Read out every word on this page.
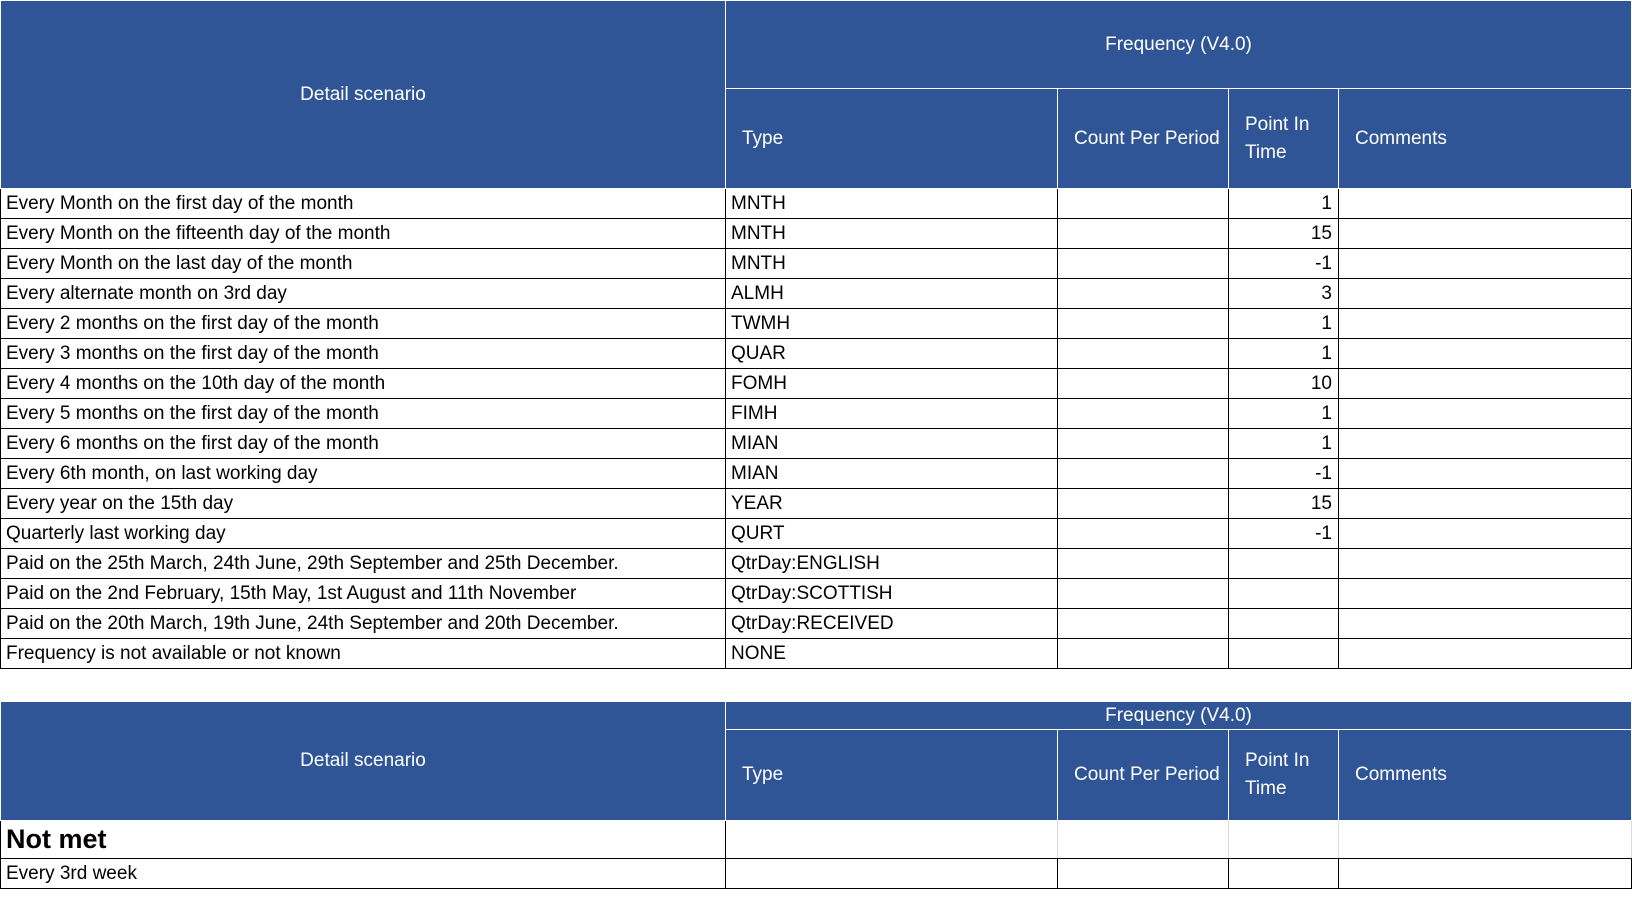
Detail scenario	Frequency (V4.0)			
	Type	Count Per Period	Point In Time	Comments
Every Month on the first day of the month	MNTH		1	
Every Month on the fifteenth day of the month	MNTH		15	
Every Month on the last day of the month	MNTH		-1	
Every alternate month on 3rd day	ALMH		3	
Every 2 months on the first day of the month	TWMH		1	
Every 3 months on the first day of the month	QUAR		1	
Every 4 months on the 10th day of the month	FOMH		10	
Every 5 months on the first day of the month	FIMH		1	
Every 6 months on the first day of the month	MIAN		1	
Every 6th month, on last working day	MIAN		-1	
Every year on the 15th day	YEAR		15	
Quarterly last working day	QURT		-1	
Paid on the 25th March, 24th June, 29th September and 25th December.	QtrDay:ENGLISH			
Paid on the 2nd February, 15th May, 1st August and 11th November	QtrDay:SCOTTISH			
Paid on the 20th March, 19th June, 24th September and 20th December.	QtrDay:RECEIVED			
Frequency is not available or not known	NONE			
Detail scenario	Frequency (V4.0)			
	Type	Count Per Period	Point In Time	Comments
Not met				
Every 3rd week				
